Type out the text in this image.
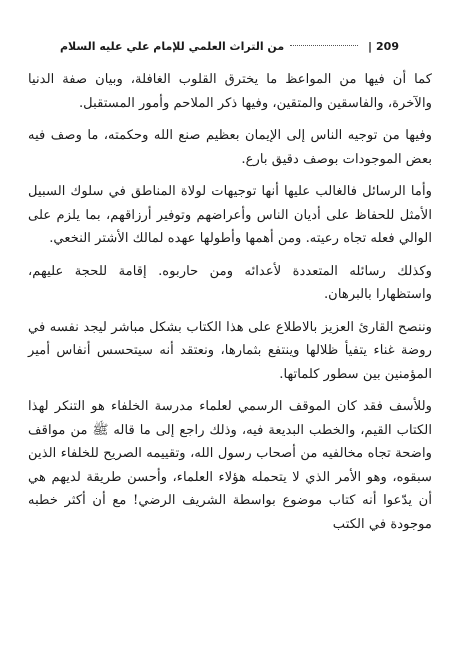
من التراث العلمي للإمام علي عليه السلام	| 209

كما أن فيها من المواعظ ما يخترق القلوب الغافلة، وبيان صفة الدنيا والآخرة، والفاسقين والمتقين، وفيها ذكر الملاحم وأمور المستقبل.

وفيها من توجيه الناس إلى الإيمان بعظيم صنع الله وحكمته، ما وصف فيه بعض الموجودات بوصف دقيق بارع.

وأما الرسائل فالغالب عليها أنها توجيهات لولاة المناطق في سلوك السبيل الأمثل للحفاظ على أديان الناس وأعراضهم وتوفير أرزاقهم، بما يلزم على الوالي فعله تجاه رعيته. ومن أهمها وأطولها عهده لمالك الأشتر النخعي.

وكذلك رسائله المتعددة لأعدائه ومن حاربوه. إقامة للحجة عليهم، واستظهارا بالبرهان.

وننصح القارئ العزيز بالاطلاع على هذا الكتاب بشكل مباشر ليجد نفسه في روضة غناء يتفيأ ظلالها وينتفع بثمارها، ونعتقد أنه سيتحسس أنفاس أمير المؤمنين بين سطور كلماتها.

وللأسف فقد كان الموقف الرسمي لعلماء مدرسة الخلفاء هو التنكر لهذا الكتاب القيم، والخطب البديعة فيه، وذلك راجع إلى ما قاله ﷺ من مواقف واضحة تجاه مخالفيه من أصحاب رسول الله، وتقييمه الصريح للخلفاء الذين سبقوه، وهو الأمر الذي لا يتحمله هؤلاء العلماء، وأحسن طريقة لديهم هي أن يدّعوا أنه كتاب موضوع بواسطة الشريف الرضي! مع أن أكثر خطبه موجودة في الكتب
